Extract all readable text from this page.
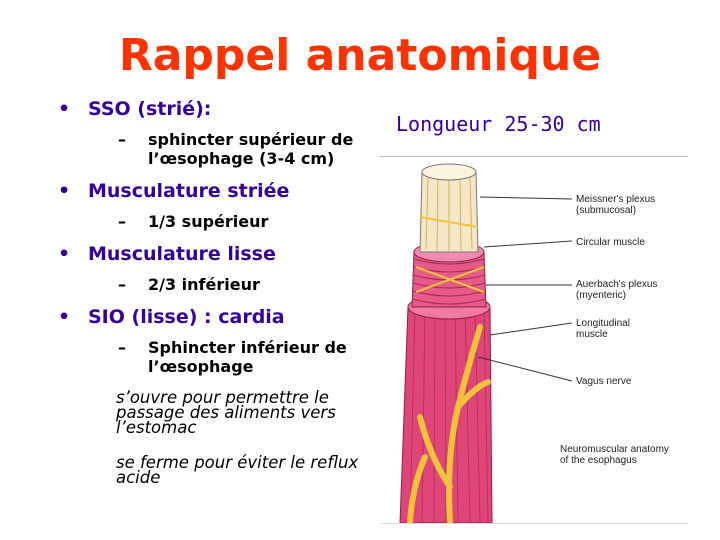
Rappel anatomique
• SSO (strié):
– sphincter supérieur de l’œsophage (3-4 cm)
• Musculature striée
– 1/3 supérieur
• Musculature lisse
– 2/3 inférieur
• SIO (lisse) : cardia
– Sphincter inférieur de l’œsophage
s’ouvre pour permettre le passage des aliments vers l’estomac
se ferme pour éviter le reflux acide
Longueur 25-30 cm
Meissner's plexus (submucosal)
Circular muscle
Auerbach's plexus (myenteric)
Longitudinal muscle
Vagus nerve
Neuromuscular anatomy of the esophagus
